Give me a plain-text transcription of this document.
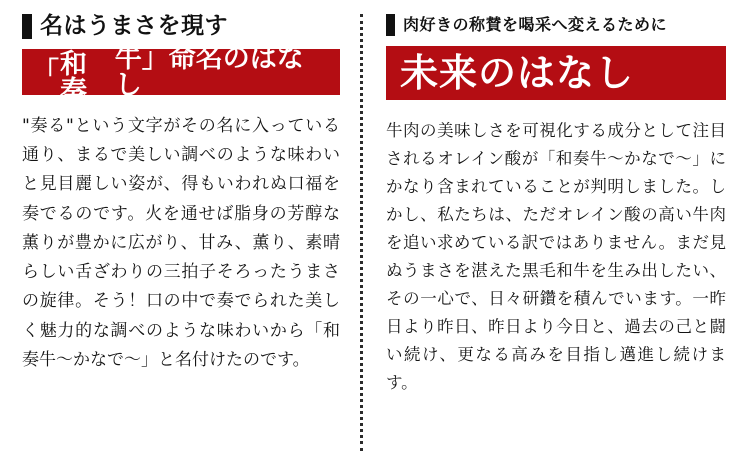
名はうまさを現す
「
かなで
和奏
牛」命名のはなし

"奏る"という文字がその名に入っている通り、まるで美しい調べのような味わいと見目麗しい姿が、得もいわれぬ口福を奏でるのです。火を通せば脂身の芳醇な薫りが豊かに広がり、甘み、薫り、素晴らしい舌ざわりの三拍子そろったうまさの旋律。そう！口の中で奏でられた美しく魅力的な調べのような味わいから「和奏牛〜かなで〜」と名付けたのです。

肉好きの称賛を喝采へ変えるために
未来のはなし

牛肉の美味しさを可視化する成分として注目されるオレイン酸が「和奏牛〜かなで〜」にかなり含まれていることが判明しました。しかし、私たちは、ただオレイン酸の高い牛肉を追い求めている訳ではありません。まだ見ぬうまさを湛えた黒毛和牛を生み出したい、その一心で、日々研鑽を積んでいます。一昨日より昨日、昨日より今日と、過去の己と闘い続け、更なる高みを目指し邁進し続けます。
